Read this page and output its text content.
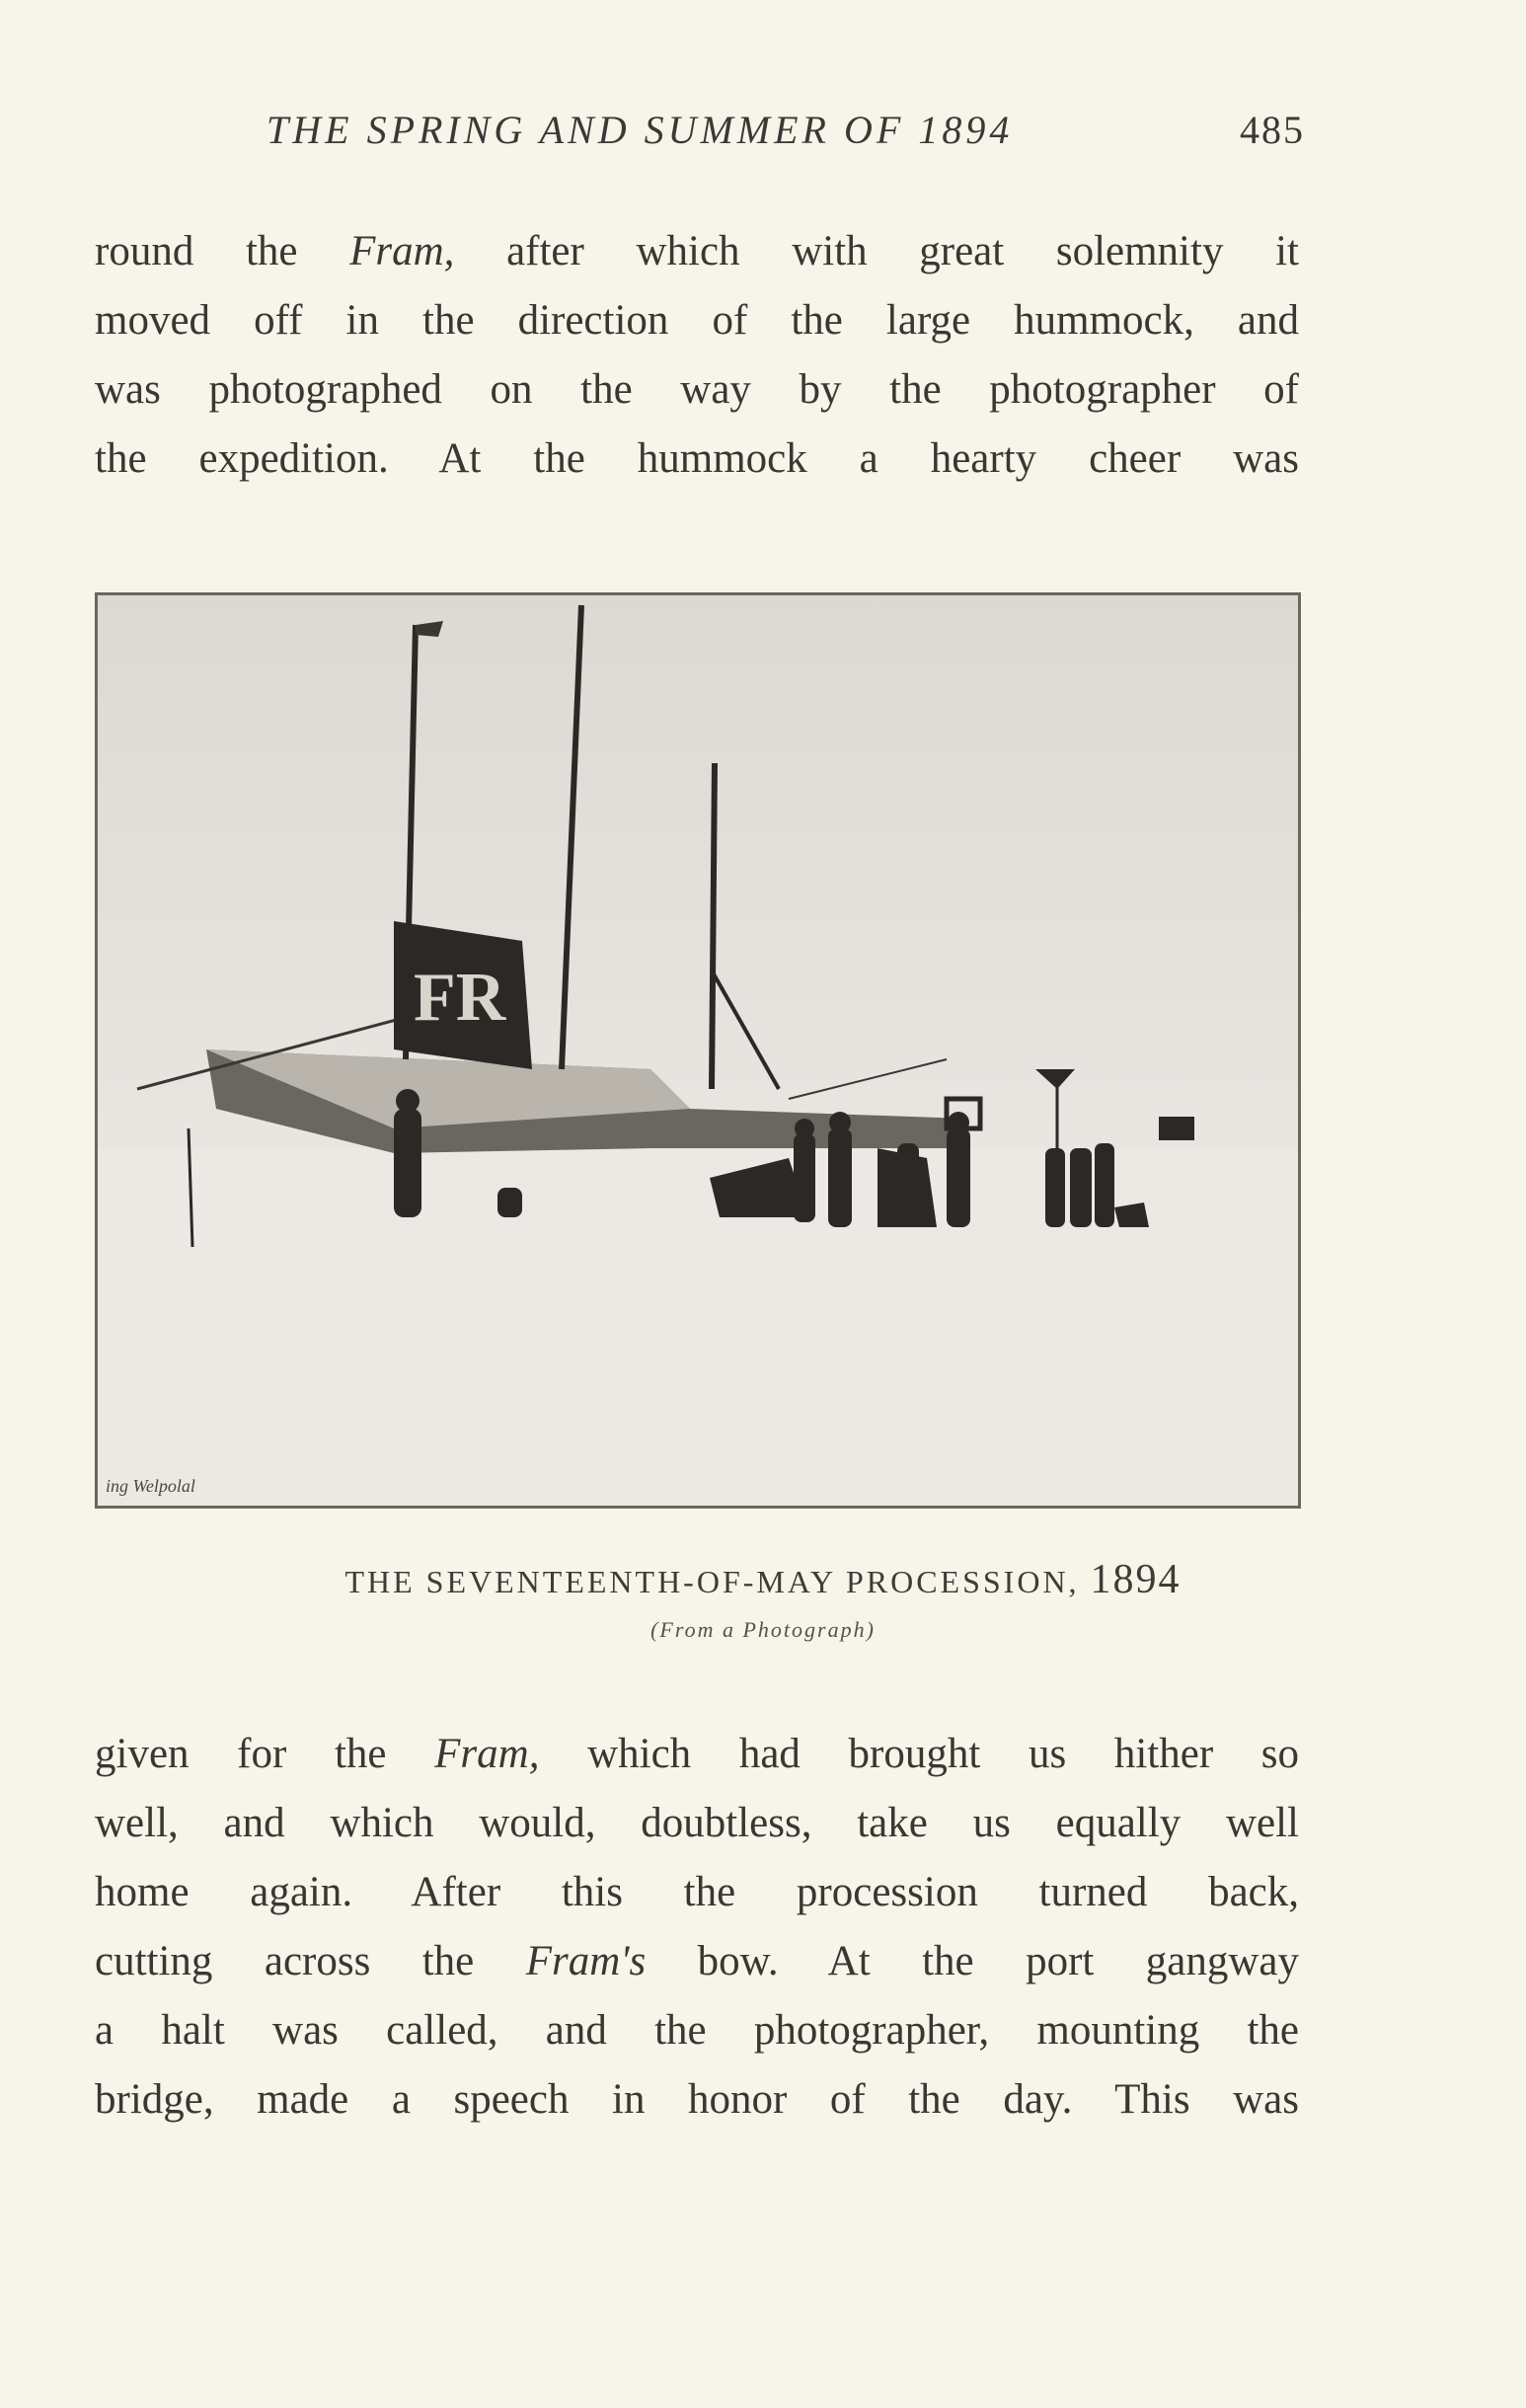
THE SPRING AND SUMMER OF 1894	485
round the Fram, after which with great solemnity it
moved off in the direction of the large hummock, and
was photographed on the way by the photographer of
the expedition. At the hummock a hearty cheer was
FR
ing Welpolal
THE SEVENTEENTH-OF-MAY PROCESSION, 1894
(From a Photograph)
given for the Fram, which had brought us hither so
well, and which would, doubtless, take us equally well
home again. After this the procession turned back,
cutting across the Fram's bow. At the port gangway
a halt was called, and the photographer, mounting the
bridge, made a speech in honor of the day. This was
